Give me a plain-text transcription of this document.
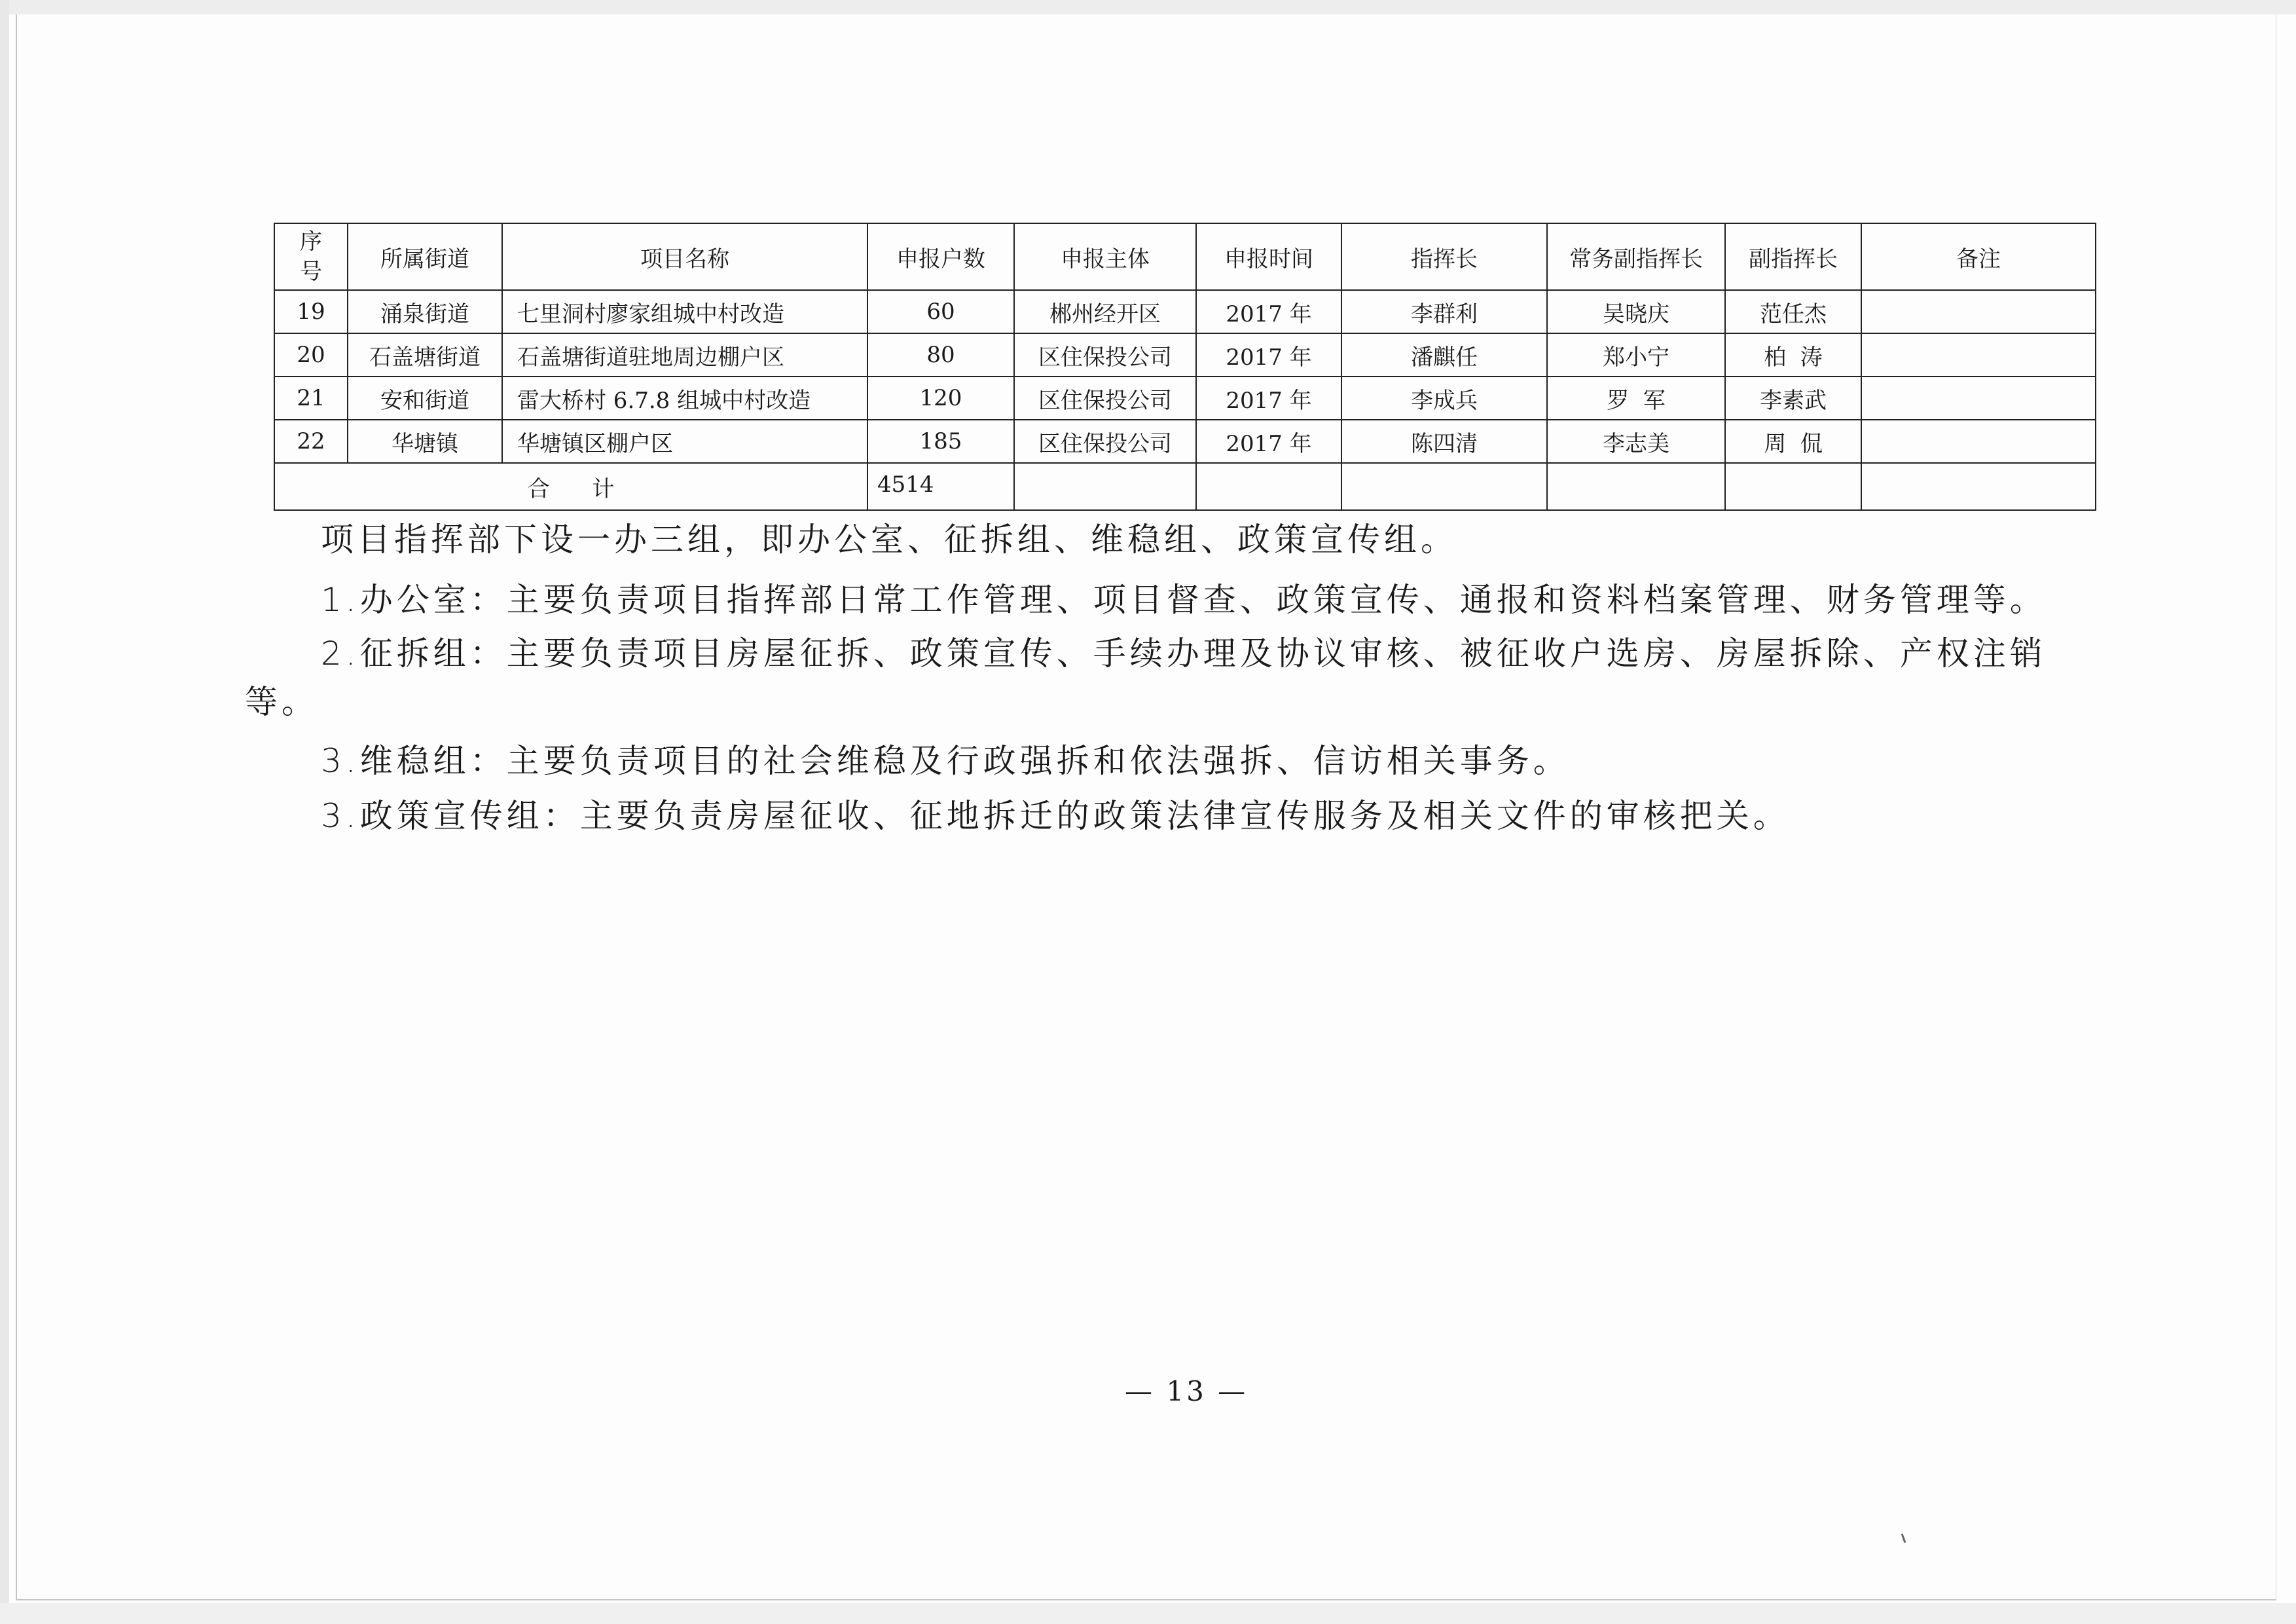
序号	所属街道	项目名称	申报户数	申报主体	申报时间	指挥长	常务副指挥长	副指挥长	备注
19	涌泉街道	七里洞村廖家组城中村改造	60	郴州经开区	2017 年	李群利	吴晓庆	范任杰	
20	石盖塘街道	石盖塘街道驻地周边棚户区	80	区住保投公司	2017 年	潘麒任	郑小宁	柏  涛	
21	安和街道	雷大桥村 6.7.8 组城中村改造	120	区住保投公司	2017 年	李成兵	罗  军	李素武	
22	华塘镇	华塘镇区棚户区	185	区住保投公司	2017 年	陈四清	李志美	周  侃	
合      计			4514						

项目指挥部下设一办三组，即办公室、征拆组、维稳组、政策宣传组。
1.办公室：主要负责项目指挥部日常工作管理、项目督查、政策宣传、通报和资料档案管理、财务管理等。
2.征拆组：主要负责项目房屋征拆、政策宣传、手续办理及协议审核、被征收户选房、房屋拆除、产权注销
等。
3.维稳组：主要负责项目的社会维稳及行政强拆和依法强拆、信访相关事务。
3.政策宣传组：主要负责房屋征收、征地拆迁的政策法律宣传服务及相关文件的审核把关。
— 13 —
